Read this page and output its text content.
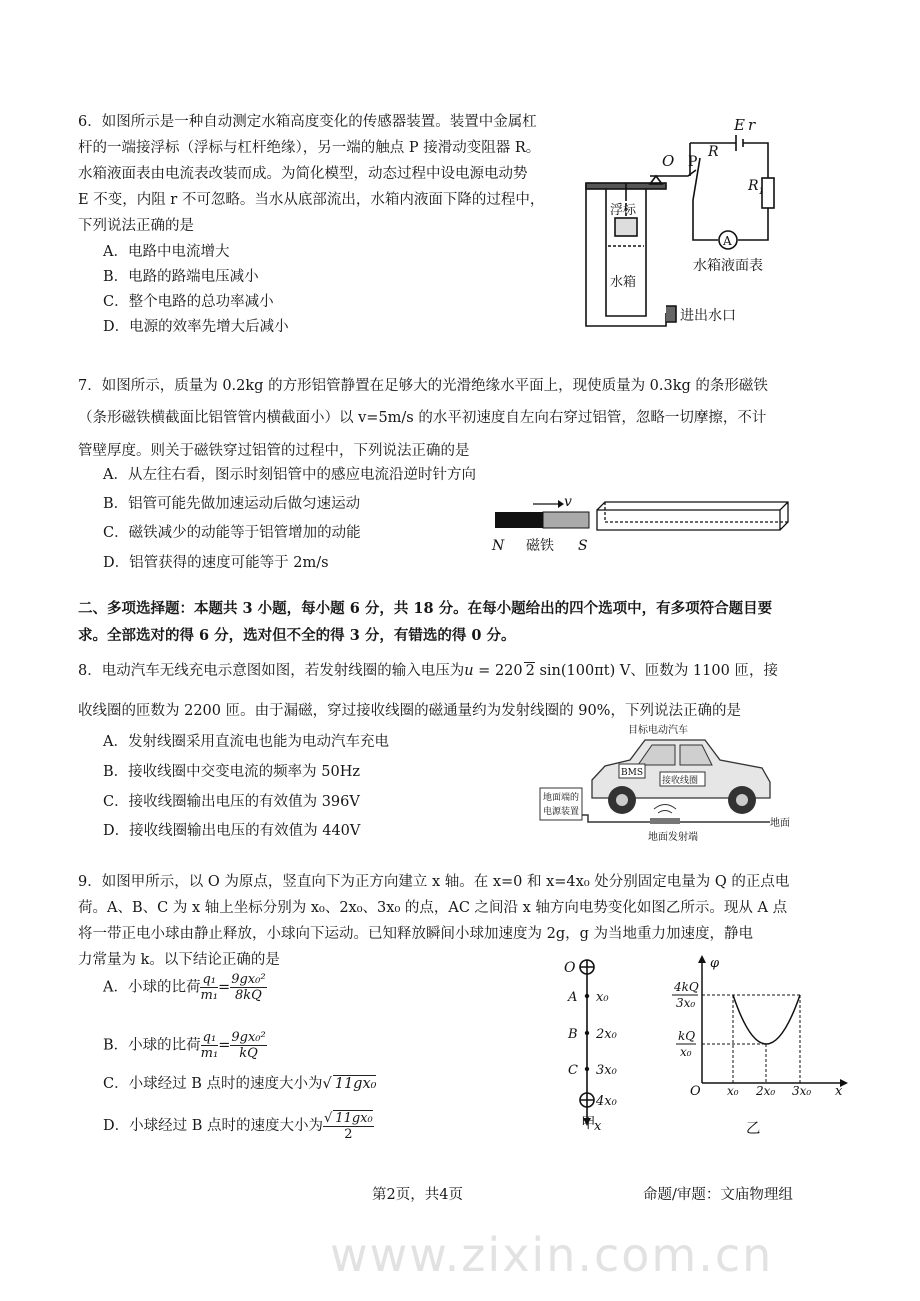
www.zixin.com.cn
6．如图所示是一种自动测定水箱高度变化的传感器装置。装置中金属杠
杆的一端接浮标（浮标与杠杆绝缘），另一端的触点 P 接滑动变阻器 R。
水箱液面表由电流表改装而成。为简化模型，动态过程中设电源电动势
E 不变，内阻 r 不可忽略。当水从底部流出，水箱内液面下降的过程中，
下列说法正确的是
A．电路中电流增大
B．电路的路端电压减小
C．整个电路的总功率减小
D．电源的效率先增大后减小
E r
O P
R
$R_1$
A
浮标
水箱
水箱液面表
进出水口
7．如图所示，质量为 0.2kg 的方形铝管静置在足够大的光滑绝缘水平面上，现使质量为 0.3kg 的条形磁铁
（条形磁铁横截面比铝管管内横截面小）以 v=5m/s 的水平初速度自左向右穿过铝管，忽略一切摩擦，不计
管壁厚度。则关于磁铁穿过铝管的过程中，下列说法正确的是
A．从左往右看，图示时刻铝管中的感应电流沿逆时针方向
B．铝管可能先做加速运动后做匀速运动
C．磁铁减少的动能等于铝管增加的动能
D．铝管获得的速度可能等于 2m/s
v
N 磁铁 S
二、多项选择题：本题共 3 小题，每小题 6 分，共 18 分。在每小题给出的四个选项中，有多项符合题目要
求。全部选对的得 6 分，选对但不全的得 3 分，有错选的得 0 分。
8．电动汽车无线充电示意图如图，若发射线圈的输入电压为u = 220 2 sin(100πt) V、匝数为 1100 匝，接
收线圈的匝数为 2200 匝。由于漏磁，穿过接收线圈的磁通量约为发射线圈的 90%，下列说法正确的是
A．发射线圈采用直流电也能为电动汽车充电
B．接收线圈中交变电流的频率为 50Hz
C．接收线圈输出电压的有效值为 396V
D．接收线圈输出电压的有效值为 440V
目标电动汽车
BMS
接收线圈
地面端的
电源装置
地面
地面发射端
9．如图甲所示，以 O 为原点，竖直向下为正方向建立 x 轴。在 x=0 和 x=4x₀ 处分别固定电量为 Q 的正点电
荷。A、B、C 为 x 轴上坐标分别为 x₀、2x₀、3x₀ 的点，AC 之间沿 x 轴方向电势变化如图乙所示。现从 A 点
将一带正电小球由静止释放，小球向下运动。已知释放瞬间小球加速度为 2g，g 为当地重力加速度，静电
力常量为 k。以下结论正确的是
A．小球的比荷 $\frac{\text{q₁}}{\text{m₁}} = \frac{\text{9gx₀²}}{8kQ}$
B．小球的比荷 $\frac{\text{q₁}}{\text{m₁}} = \frac{\text{9gx₀²}}{kQ}$
C．小球经过 B 点时的速度大小为√ 11gx₀
D．小球经过 B 点时的速度大小为 $\frac{\text{√ 11gx₀}}{2}$
O
A
B
C
x₀
2x₀
3x₀
4x₀
x
甲
φ
4kQ
3x₀
kQ
x₀
O x₀ 2x₀ 3x₀ x
乙
第2页，共4页	命题/审题：文庙物理组
